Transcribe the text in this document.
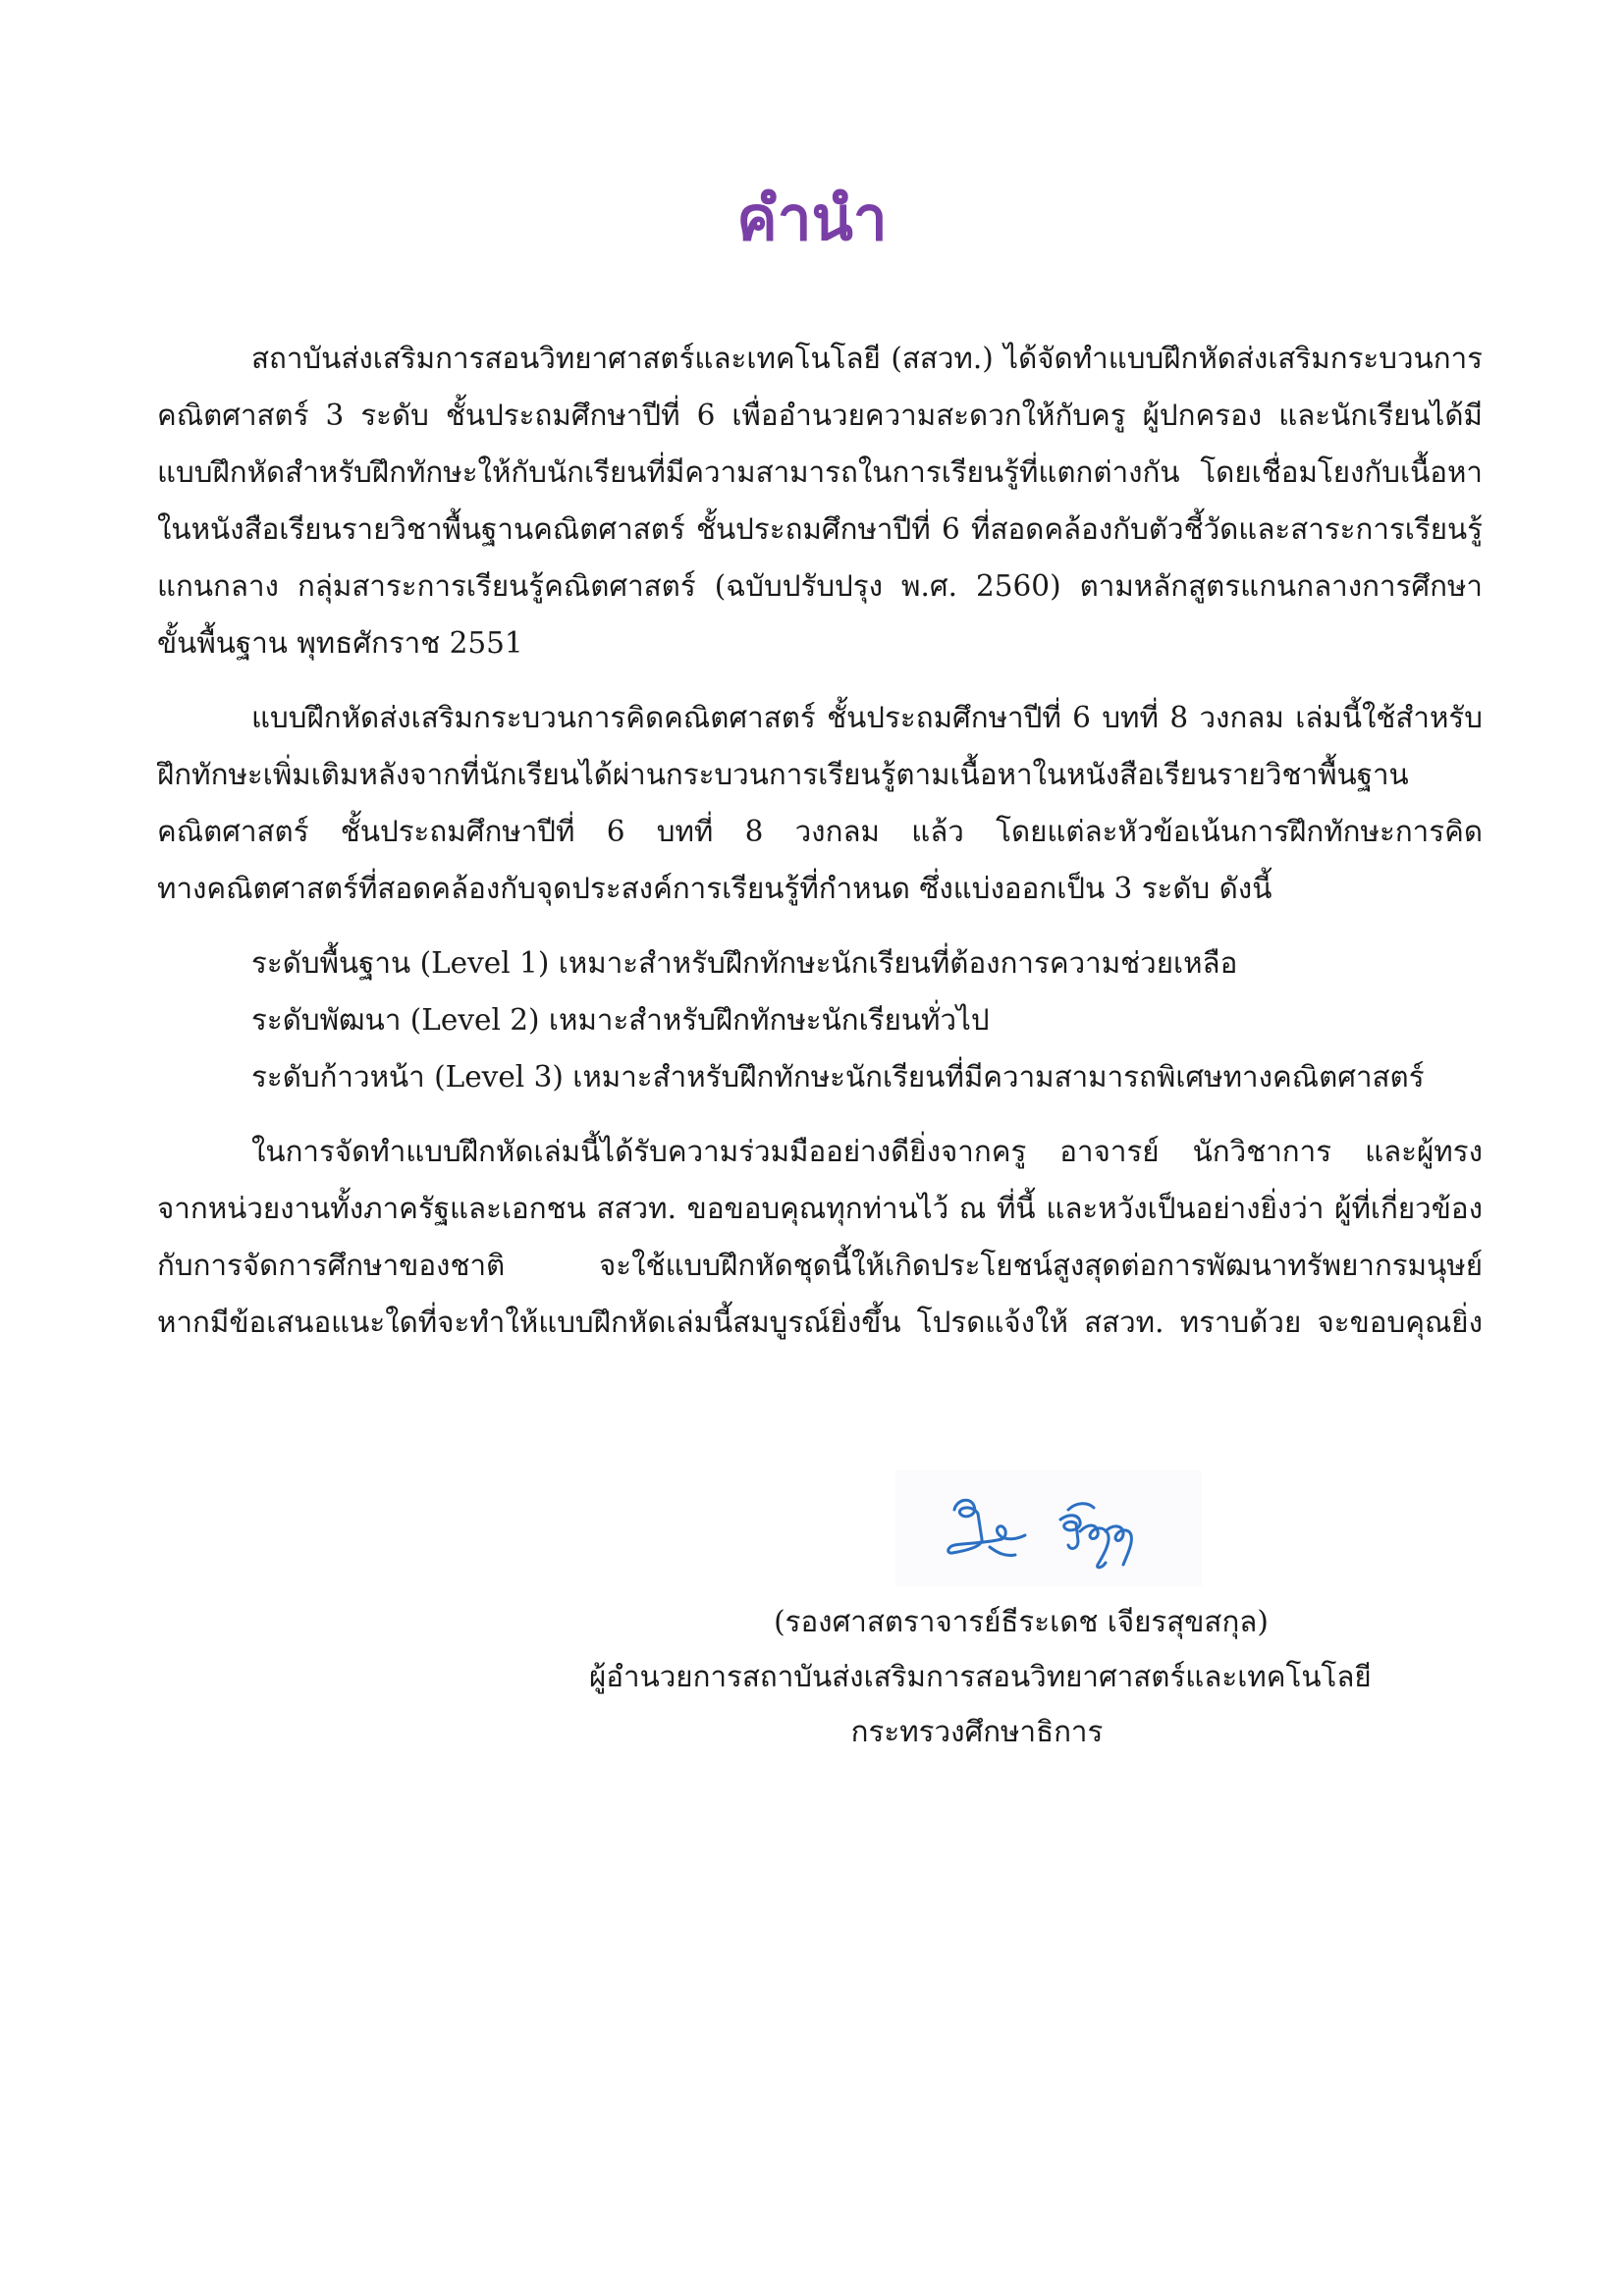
คำนำ
สถาบันส่งเสริมการสอนวิทยาศาสตร์และเทคโนโลยี (สสวท.) ได้จัดทำแบบฝึกหัดส่งเสริมกระบวนการ
คณิตศาสตร์ 3 ระดับ ชั้นประถมศึกษาปีที่ 6 เพื่ออำนวยความสะดวกให้กับครู ผู้ปกครอง และนักเรียนได้มี
แบบฝึกหัดสำหรับฝึกทักษะให้กับนักเรียนที่มีความสามารถในการเรียนรู้ที่แตกต่างกัน โดยเชื่อมโยงกับเนื้อหา
ในหนังสือเรียนรายวิชาพื้นฐานคณิตศาสตร์ ชั้นประถมศึกษาปีที่ 6 ที่สอดคล้องกับตัวชี้วัดและสาระการเรียนรู้
แกนกลาง กลุ่มสาระการเรียนรู้คณิตศาสตร์ (ฉบับปรับปรุง พ.ศ. 2560) ตามหลักสูตรแกนกลางการศึกษา
ขั้นพื้นฐาน พุทธศักราช 2551
แบบฝึกหัดส่งเสริมกระบวนการคิดคณิตศาสตร์ ชั้นประถมศึกษาปีที่ 6 บทที่ 8 วงกลม เล่มนี้ใช้สำหรับ
ฝึกทักษะเพิ่มเติมหลังจากที่นักเรียนได้ผ่านกระบวนการเรียนรู้ตามเนื้อหาในหนังสือเรียนรายวิชาพื้นฐาน
คณิตศาสตร์ ชั้นประถมศึกษาปีที่ 6 บทที่ 8 วงกลม แล้ว โดยแต่ละหัวข้อเน้นการฝึกทักษะการคิด
ทางคณิตศาสตร์ที่สอดคล้องกับจุดประสงค์การเรียนรู้ที่กำหนด ซึ่งแบ่งออกเป็น 3 ระดับ ดังนี้
ระดับพื้นฐาน (Level 1) เหมาะสำหรับฝึกทักษะนักเรียนที่ต้องการความช่วยเหลือ
ระดับพัฒนา (Level 2) เหมาะสำหรับฝึกทักษะนักเรียนทั่วไป
ระดับก้าวหน้า (Level 3) เหมาะสำหรับฝึกทักษะนักเรียนที่มีความสามารถพิเศษทางคณิตศาสตร์
ในการจัดทำแบบฝึกหัดเล่มนี้ได้รับความร่วมมืออย่างดียิ่งจากครู อาจารย์ นักวิชาการ และผู้ทรง
จากหน่วยงานทั้งภาครัฐและเอกชน สสวท. ขอขอบคุณทุกท่านไว้ ณ ที่นี้ และหวังเป็นอย่างยิ่งว่า ผู้ที่เกี่ยวข้อง
กับการจัดการศึกษาของชาติ จะใช้แบบฝึกหัดชุดนี้ให้เกิดประโยชน์สูงสุดต่อการพัฒนาทรัพยากรมนุษย์
หากมีข้อเสนอแนะใดที่จะทำให้แบบฝึกหัดเล่มนี้สมบูรณ์ยิ่งขึ้น โปรดแจ้งให้ สสวท. ทราบด้วย จะขอบคุณยิ่ง
(รองศาสตราจารย์ธีระเดช เจียรสุขสกุล)
ผู้อำนวยการสถาบันส่งเสริมการสอนวิทยาศาสตร์และเทคโนโลยี
กระทรวงศึกษาธิการ
